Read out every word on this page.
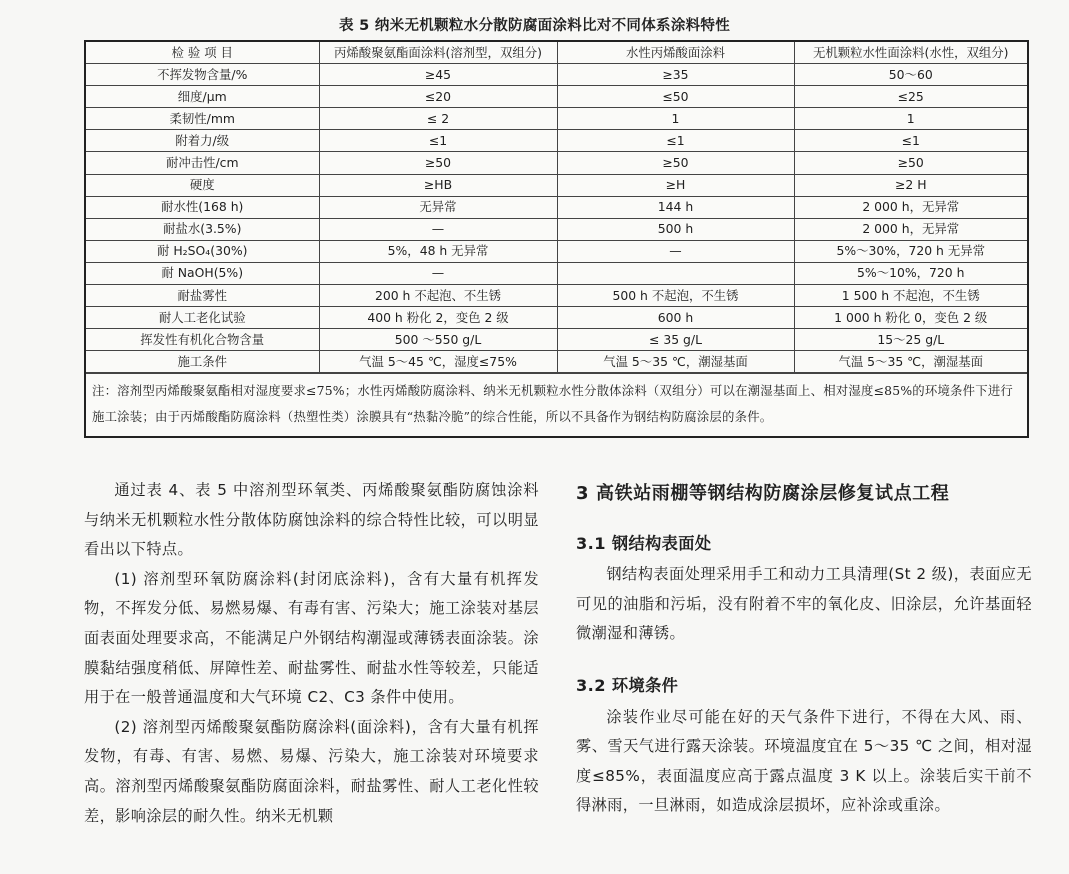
表 5 纳米无机颗粒水分散防腐面涂料比对不同体系涂料特性
检 验 项 目	丙烯酸聚氨酯面涂料(溶剂型，双组分)	水性丙烯酸面涂料	无机颗粒水性面涂料(水性，双组分)
不挥发物含量/%	≥45	≥35	50～60
细度/μm	≤20	≤50	≤25
柔韧性/mm	≤ 2	1	1
附着力/级	≤1	≤1	≤1
耐冲击性/cm	≥50	≥50	≥50
硬度	≥HB	≥H	≥2 H
耐水性(168 h)	无异常	144 h	2 000 h，无异常
耐盐水(3.5%)	—	500 h	2 000 h，无异常
耐 H₂SO₄(30%)	5%，48 h 无异常	—	5%～30%，720 h 无异常
耐 NaOH(5%)	—		5%～10%，720 h
耐盐雾性	200 h 不起泡、不生锈	500 h 不起泡，不生锈	1 500 h 不起泡，不生锈
耐人工老化试验	400 h 粉化 2，变色 2 级	600 h	1 000 h 粉化 0，变色 2 级
挥发性有机化合物含量	500 ～550 g/L	≤ 35 g/L	15～25 g/L
施工条件	气温 5～45 ℃，湿度≤75%	气温 5～35 ℃，潮湿基面	气温 5～35 ℃，潮湿基面
注：溶剂型丙烯酸聚氨酯相对湿度要求≤75%；水性丙烯酸防腐涂料、纳米无机颗粒水性分散体涂料（双组分）可以在潮湿基面上、相对湿度≤85%的环境条件下进行施工涂装；由于丙烯酸酯防腐涂料（热塑性类）涂膜具有“热黏冷脆”的综合性能，所以不具备作为钢结构防腐涂层的条件。

通过表 4、表 5 中溶剂型环氧类、丙烯酸聚氨酯防腐蚀涂料与纳米无机颗粒水性分散体防腐蚀涂料的综合特性比较，可以明显看出以下特点。

(1) 溶剂型环氧防腐涂料(封闭底涂料)，含有大量有机挥发物，不挥发分低、易燃易爆、有毒有害、污染大；施工涂装对基层面表面处理要求高，不能满足户外钢结构潮湿或薄锈表面涂装。涂膜黏结强度稍低、屏障性差、耐盐雾性、耐盐水性等较差，只能适用于在一般普通温度和大气环境 C2、C3 条件中使用。

(2) 溶剂型丙烯酸聚氨酯防腐涂料(面涂料)，含有大量有机挥发物，有毒、有害、易燃、易爆、污染大，施工涂装对环境要求高。溶剂型丙烯酸聚氨酯防腐面涂料，耐盐雾性、耐人工老化性较差，影响涂层的耐久性。纳米无机颗

3 高铁站雨棚等钢结构防腐涂层修复试点工程
3.1 钢结构表面处

钢结构表面处理采用手工和动力工具清理(St 2 级)，表面应无可见的油脂和污垢，没有附着不牢的氧化皮、旧涂层，允许基面轻微潮湿和薄锈。

3.2 环境条件

涂装作业尽可能在好的天气条件下进行，不得在大风、雨、雾、雪天气进行露天涂装。环境温度宜在 5～35 ℃ 之间，相对湿度≤85%，表面温度应高于露点温度 3 K 以上。涂装后实干前不得淋雨，一旦淋雨，如造成涂层损坏，应补涂或重涂。
